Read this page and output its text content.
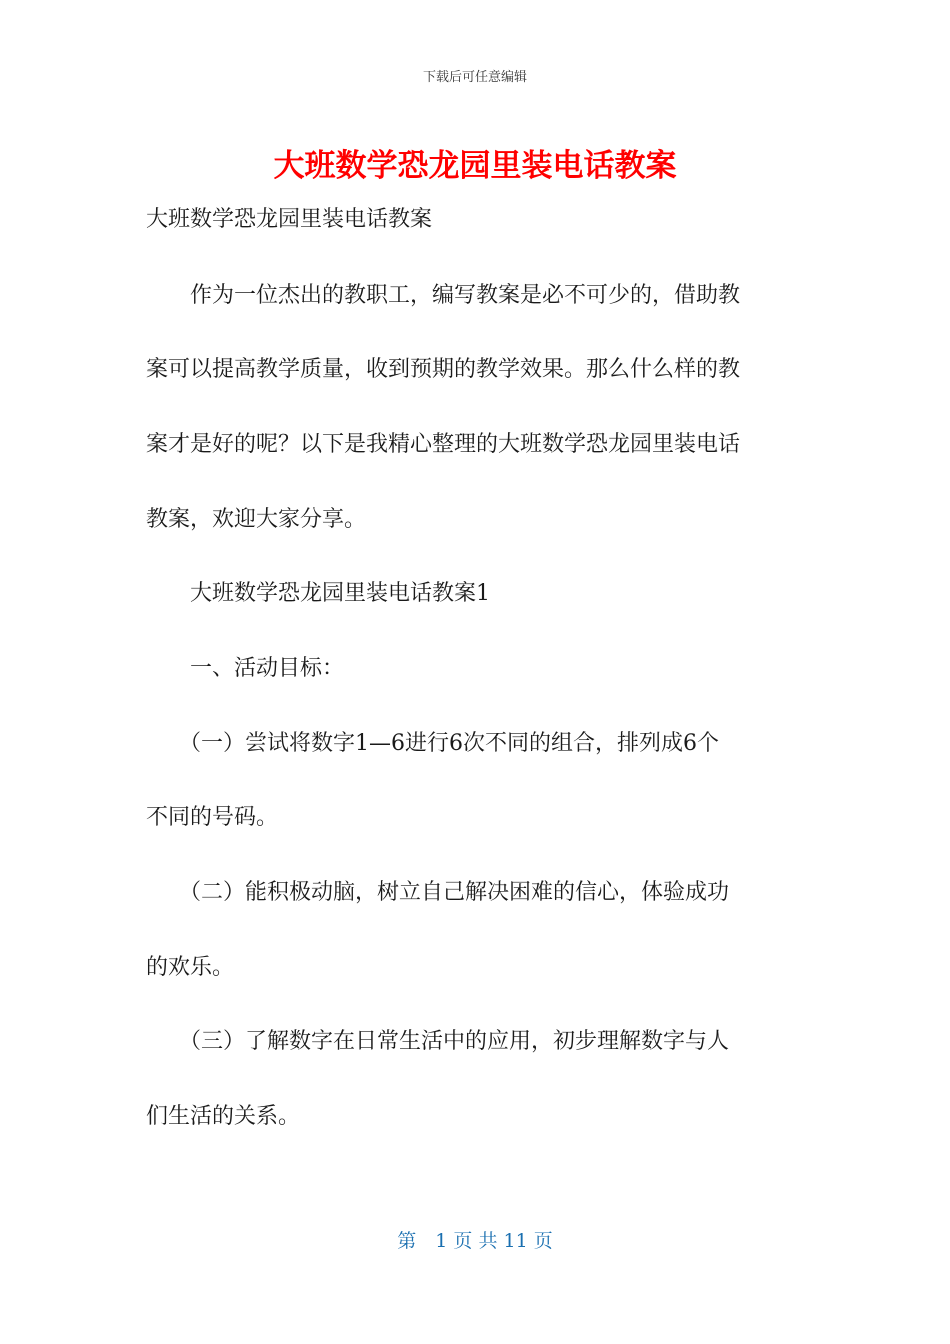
下载后可任意编辑
大班数学恐龙园里装电话教案

大班数学恐龙园里装电话教案

　　作为一位杰出的教职工，编写教案是必不可少的，借助教

案可以提高教学质量，收到预期的教学效果。那么什么样的教

案才是好的呢？以下是我精心整理的大班数学恐龙园里装电话

教案，欢迎大家分享。

　　大班数学恐龙园里装电话教案1

　　一、活动目标：

　　（一）尝试将数字1—6进行6次不同的组合，排列成6个

不同的号码。

　　（二）能积极动脑，树立自己解决困难的信心，体验成功

的欢乐。

　　（三）了解数字在日常生活中的应用，初步理解数字与人

们生活的关系。

第　1 页 共 11 页
